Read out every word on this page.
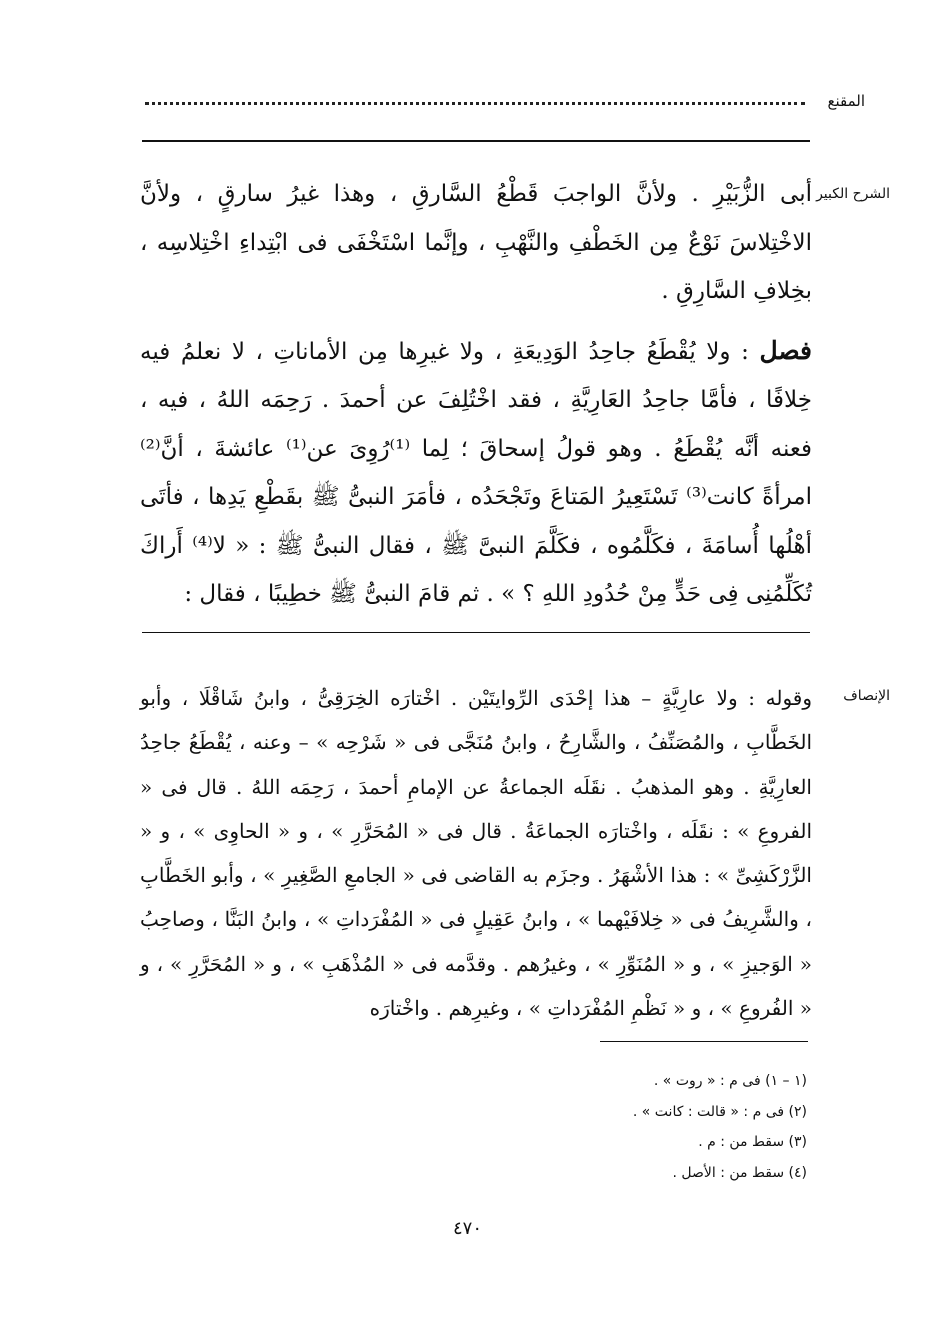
المقنع
الشرح الكبير

أبى الزُّبَيْرِ . ولأنَّ الواجبَ قَطْعُ السَّارقِ ، وهذا غيرُ سارقٍ ، ولأنَّ الاخْتِلاسَ نَوْعٌ مِن الخَطْفِ والنَّهْبِ ، وإنَّما اسْتَخْفَى فى ابْتِداءِ اخْتِلاسِه ، بخِلافِ السَّارِقِ .

فصل : ولا يُقْطَعُ جاحِدُ الوَدِيعَةِ ، ولا غيرِها مِن الأماناتِ ، لا نعلمُ فيه خِلافًا ، فأمَّا جاحِدُ العَارِيَّةِ ، فقد اخْتُلِفَ عن أحمدَ . رَحِمَه اللهُ ، فيه ، فعنه أنَّه يُقْطَعُ . وهو قولُ إسحاقَ ؛ لِما ⁽¹⁾رُوِىَ عن⁽¹⁾ عائشةَ ، أنَّ⁽²⁾ امرأةً كانت⁽³⁾ تَسْتَعِيرُ المَتاعَ وتَجْحَدُه ، فأمَرَ النبىُّ ﷺ بقَطْعِ يَدِها ، فأتَى أهْلُها أُسامَةَ ، فكَلَّمُوه ، فكَلَّمَ النبىَّ ﷺ ، فقال النبىُّ ﷺ : « لا⁽⁴⁾ أَراكَ تُكَلِّمُنِى فِى حَدٍّ مِنْ حُدُودِ اللهِ ؟ » . ثم قامَ النبىُّ ﷺ خطِيبًا ، فقال :

الإنصاف

وقوله : ولا عارِيَّةٍ – هذا إحْدَى الرِّوايتَيْن . اخْتارَه الخِرَقِىُّ ، وابنُ شَاقْلَا ، وأبو الخَطَّابِ ، والمُصَنِّفُ ، والشَّارِحُ ، وابنُ مُنَجَّى فى « شَرْحِه » – وعنه ، يُقْطَعُ جاحِدُ العارِيَّةِ . وهو المذهبُ . نقَلَه الجماعةُ عن الإمامِ أحمدَ ، رَحِمَه اللهُ . قال فى « الفروعِ » : نقَلَه ، واخْتارَه الجماعَةُ . قال فى « المُحَرَّرِ » ، و « الحاوِى » ، و « الزَّرْكَشِىِّ » : هذا الأشْهَرُ . وجزَم به القاضى فى « الجامعِ الصَّغِيرِ » ، وأبو الخَطَّابِ ، والشَّرِيفُ فى « خِلافَيْهما » ، وابنُ عَقِيلٍ فى « المُفْرَداتِ » ، وابنُ البَنَّا ، وصاحِبُ « الوَجيزِ » ، و « المُنَوِّرِ » ، وغيرُهم . وقدَّمه فى « المُذْهَبِ » ، و « المُحَرَّرِ » ، و « الفُروعِ » ، و « نَظْمِ المُفْرَداتِ » ، وغيرِهم . واخْتارَه

(١ – ١) فى م : « روت » .
(٢) فى م : « قالت : كانت » .
(٣) سقط من : م .
(٤) سقط من : الأصل .
٤٧٠
